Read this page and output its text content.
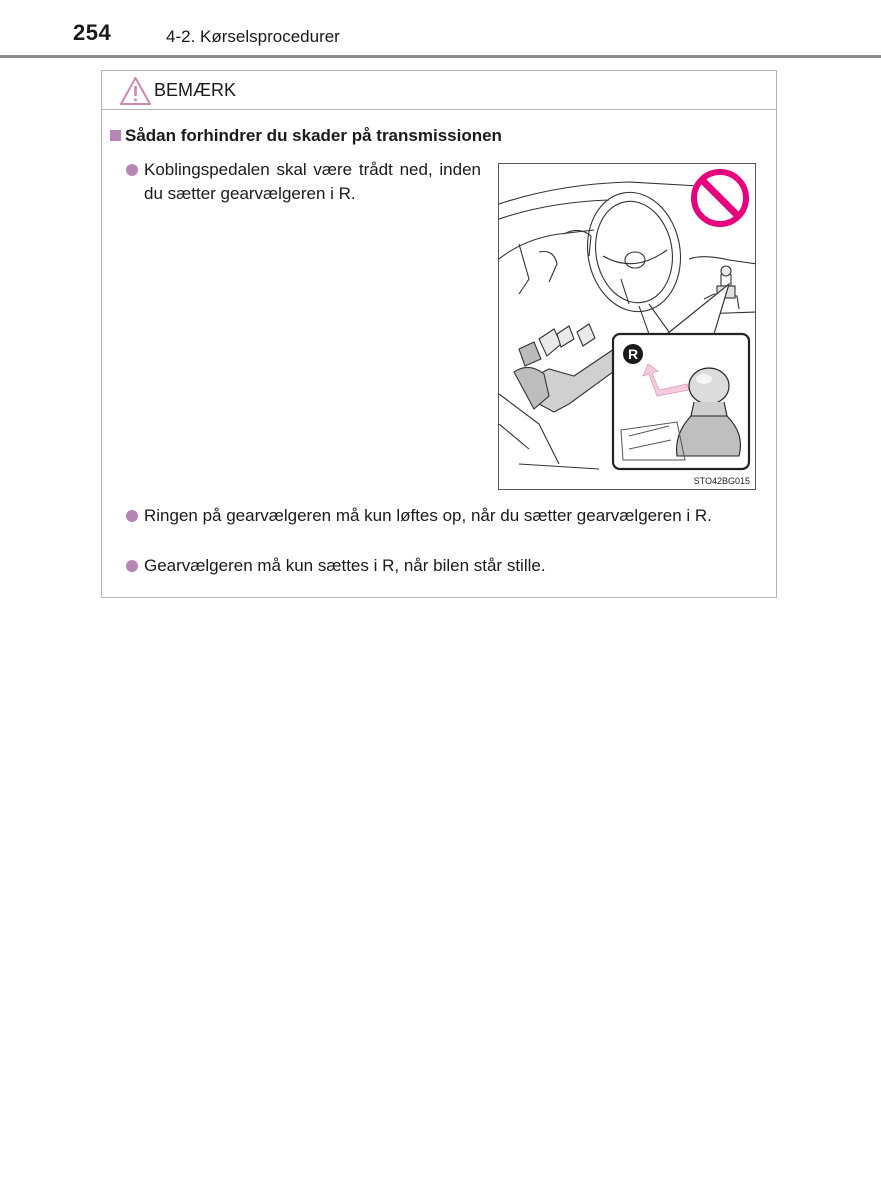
254	4-2. Kørselsprocedurer
BEMÆRK
Sådan forhindrer du skader på transmissionen
Koblingspedalen skal være trådt ned, inden du sætter gearvælgeren i R.
R
STO42BG015
Ringen på gearvælgeren må kun løftes op, når du sætter gearvælgeren i R.
Gearvælgeren må kun sættes i R, når bilen står stille.
